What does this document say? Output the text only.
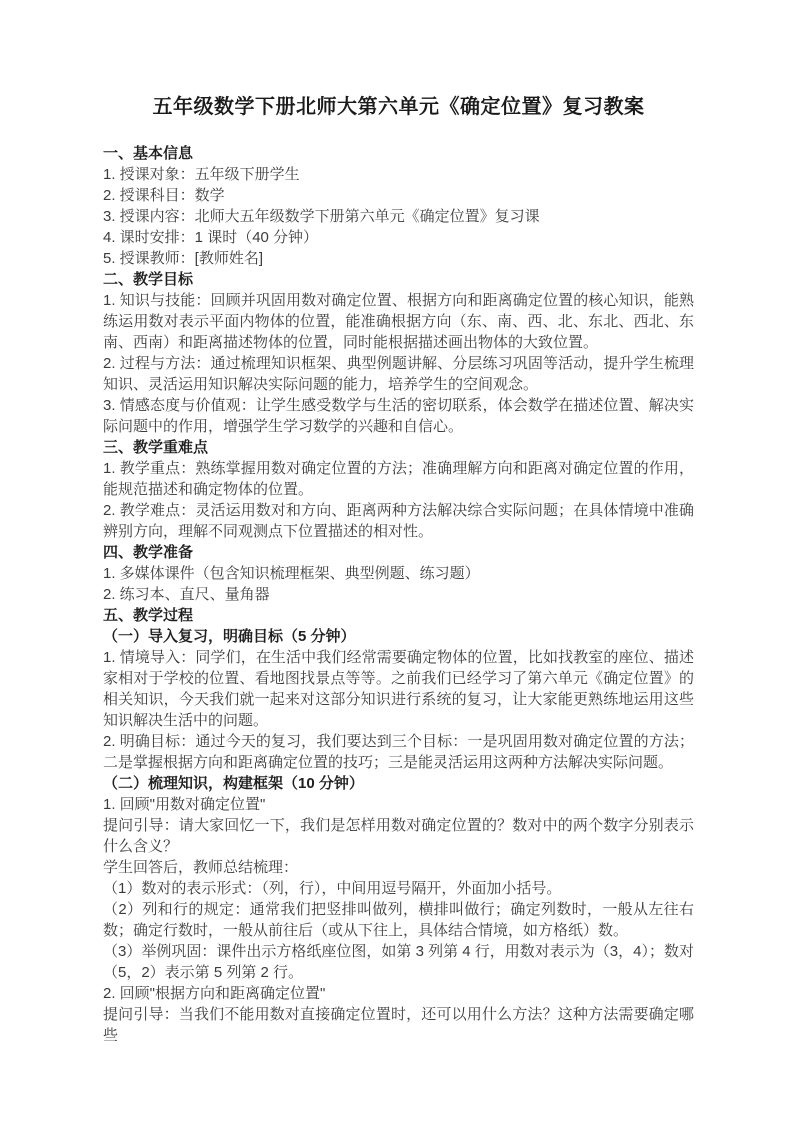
五年级数学下册北师大第六单元《确定位置》复习教案

一、基本信息

1. 授课对象：五年级下册学生

2. 授课科目：数学

3. 授课内容：北师大五年级数学下册第六单元《确定位置》复习课

4. 课时安排：1 课时（40 分钟）

5. 授课教师：[教师姓名]

二、教学目标

1. 知识与技能：回顾并巩固用数对确定位置、根据方向和距离确定位置的核心知识，能熟练运用数对表示平面内物体的位置，能准确根据方向（东、南、西、北、东北、西北、东南、西南）和距离描述物体的位置，同时能根据描述画出物体的大致位置。

2. 过程与方法：通过梳理知识框架、典型例题讲解、分层练习巩固等活动，提升学生梳理知识、灵活运用知识解决实际问题的能力，培养学生的空间观念。

3. 情感态度与价值观：让学生感受数学与生活的密切联系，体会数学在描述位置、解决实际问题中的作用，增强学生学习数学的兴趣和自信心。

三、教学重难点

1. 教学重点：熟练掌握用数对确定位置的方法；准确理解方向和距离对确定位置的作用，能规范描述和确定物体的位置。

2. 教学难点：灵活运用数对和方向、距离两种方法解决综合实际问题；在具体情境中准确辨别方向，理解不同观测点下位置描述的相对性。

四、教学准备

1. 多媒体课件（包含知识梳理框架、典型例题、练习题）

2. 练习本、直尺、量角器

五、教学过程

（一）导入复习，明确目标（5 分钟）

1. 情境导入：同学们，在生活中我们经常需要确定物体的位置，比如找教室的座位、描述家相对于学校的位置、看地图找景点等等。之前我们已经学习了第六单元《确定位置》的相关知识，今天我们就一起来对这部分知识进行系统的复习，让大家能更熟练地运用这些知识解决生活中的问题。

2. 明确目标：通过今天的复习，我们要达到三个目标：一是巩固用数对确定位置的方法；二是掌握根据方向和距离确定位置的技巧；三是能灵活运用这两种方法解决实际问题。

（二）梳理知识，构建框架（10 分钟）

1. 回顾"用数对确定位置"

提问引导：请大家回忆一下，我们是怎样用数对确定位置的？数对中的两个数字分别表示什么含义？

学生回答后，教师总结梳理：

（1）数对的表示形式：（列，行），中间用逗号隔开，外面加小括号。

（2）列和行的规定：通常我们把竖排叫做列，横排叫做行；确定列数时，一般从左往右数；确定行数时，一般从前往后（或从下往上，具体结合情境，如方格纸）数。

（3）举例巩固：课件出示方格纸座位图，如第 3 列第 4 行，用数对表示为（3，4）；数对（5，2）表示第 5 列第 2 行。

2. 回顾"根据方向和距离确定位置"

提问引导：当我们不能用数对直接确定位置时，还可以用什么方法？这种方法需要确定哪些
